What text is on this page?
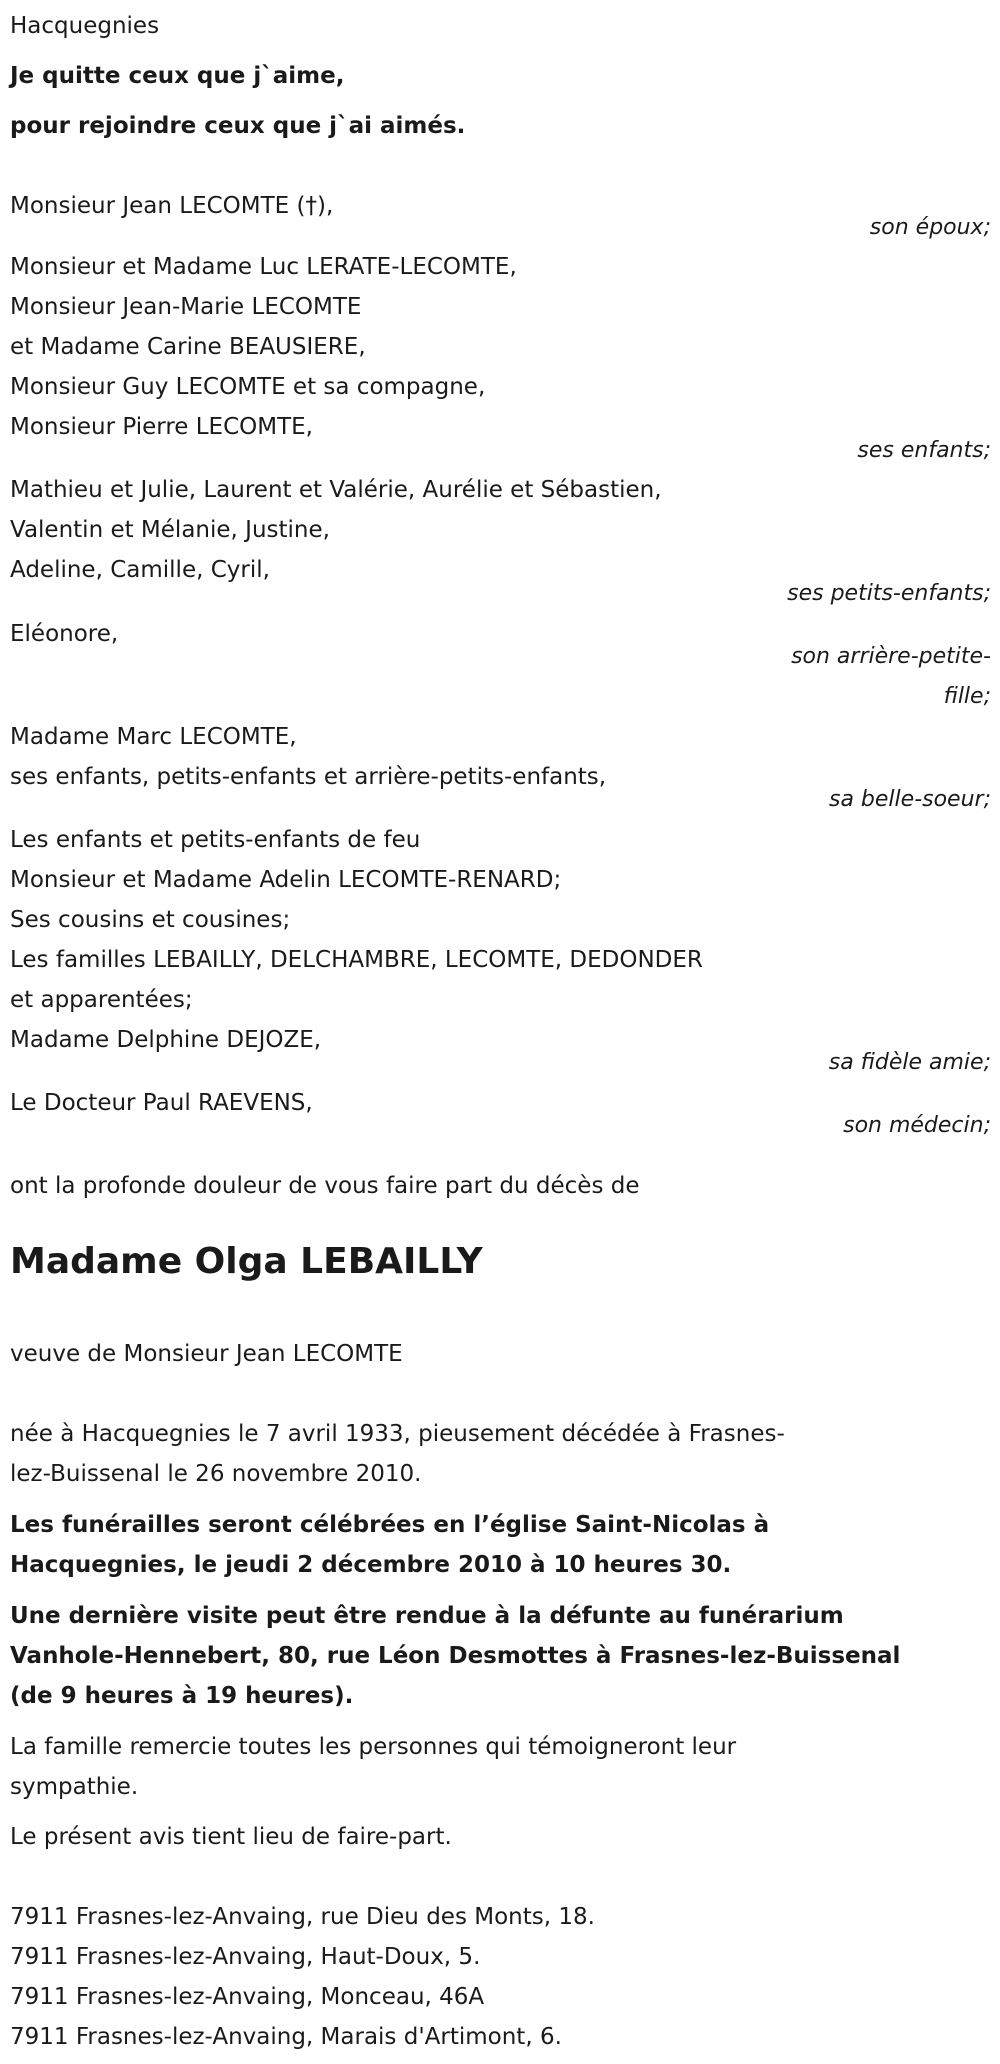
Hacquegnies
Je quitte ceux que j`aime,
pour rejoindre ceux que j`ai aimés.
Monsieur Jean LECOMTE (†),
son époux;
Monsieur et Madame Luc LERATE-LECOMTE,
Monsieur Jean-Marie LECOMTE
et Madame Carine BEAUSIERE,
Monsieur Guy LECOMTE et sa compagne,
Monsieur Pierre LECOMTE,
ses enfants;
Mathieu et Julie, Laurent et Valérie, Aurélie et Sébastien,
Valentin et Mélanie, Justine,
Adeline, Camille, Cyril,
ses petits-enfants;
Eléonore,
son arrière-petite-
fille;
Madame Marc LECOMTE,
ses enfants, petits-enfants et arrière-petits-enfants,
sa belle-soeur;
Les enfants et petits-enfants de feu
Monsieur et Madame Adelin LECOMTE-RENARD;
Ses cousins et cousines;
Les familles LEBAILLY, DELCHAMBRE, LECOMTE, DEDONDER
et apparentées;
Madame Delphine DEJOZE,
sa fidèle amie;
Le Docteur Paul RAEVENS,
son médecin;
ont la profonde douleur de vous faire part du décès de
Madame Olga LEBAILLY
veuve de Monsieur Jean LECOMTE
née à Hacquegnies le 7 avril 1933, pieusement décédée à Frasnes-
lez-Buissenal le 26 novembre 2010.
Les funérailles seront célébrées en l’église Saint-Nicolas à
Hacquegnies, le jeudi 2 décembre 2010 à 10 heures 30.
Une dernière visite peut être rendue à la défunte au funérarium
Vanhole-Hennebert, 80, rue Léon Desmottes à Frasnes-lez-Buissenal
(de 9 heures à 19 heures).
La famille remercie toutes les personnes qui témoigneront leur
sympathie.
Le présent avis tient lieu de faire-part.
7911 Frasnes-lez-Anvaing, rue Dieu des Monts, 18.
7911 Frasnes-lez-Anvaing, Haut-Doux, 5.
7911 Frasnes-lez-Anvaing, Monceau, 46A
7911 Frasnes-lez-Anvaing, Marais d'Artimont, 6.
